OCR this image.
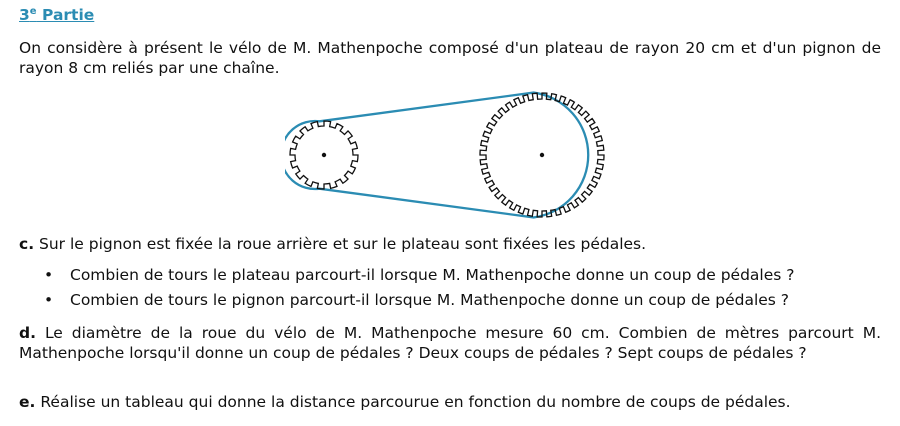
3e Partie
On considère à présent le vélo de M. Mathenpoche composé d'un plateau de rayon 20 cm et d'un pignon de rayon 8 cm reliés par une chaîne.
c. Sur le pignon est fixée la roue arrière et sur le plateau sont fixées les pédales.
• Combien de tours le plateau parcourt-il lorsque M. Mathenpoche donne un coup de pédales ?
• Combien de tours le pignon parcourt-il lorsque M. Mathenpoche donne un coup de pédales ?
d. Le diamètre de la roue du vélo de M. Mathenpoche mesure 60 cm. Combien de mètres parcourt M. Mathenpoche lorsqu'il donne un coup de pédales ? Deux coups de pédales ? Sept coups de pédales ?
e. Réalise un tableau qui donne la distance parcourue en fonction du nombre de coups de pédales.
